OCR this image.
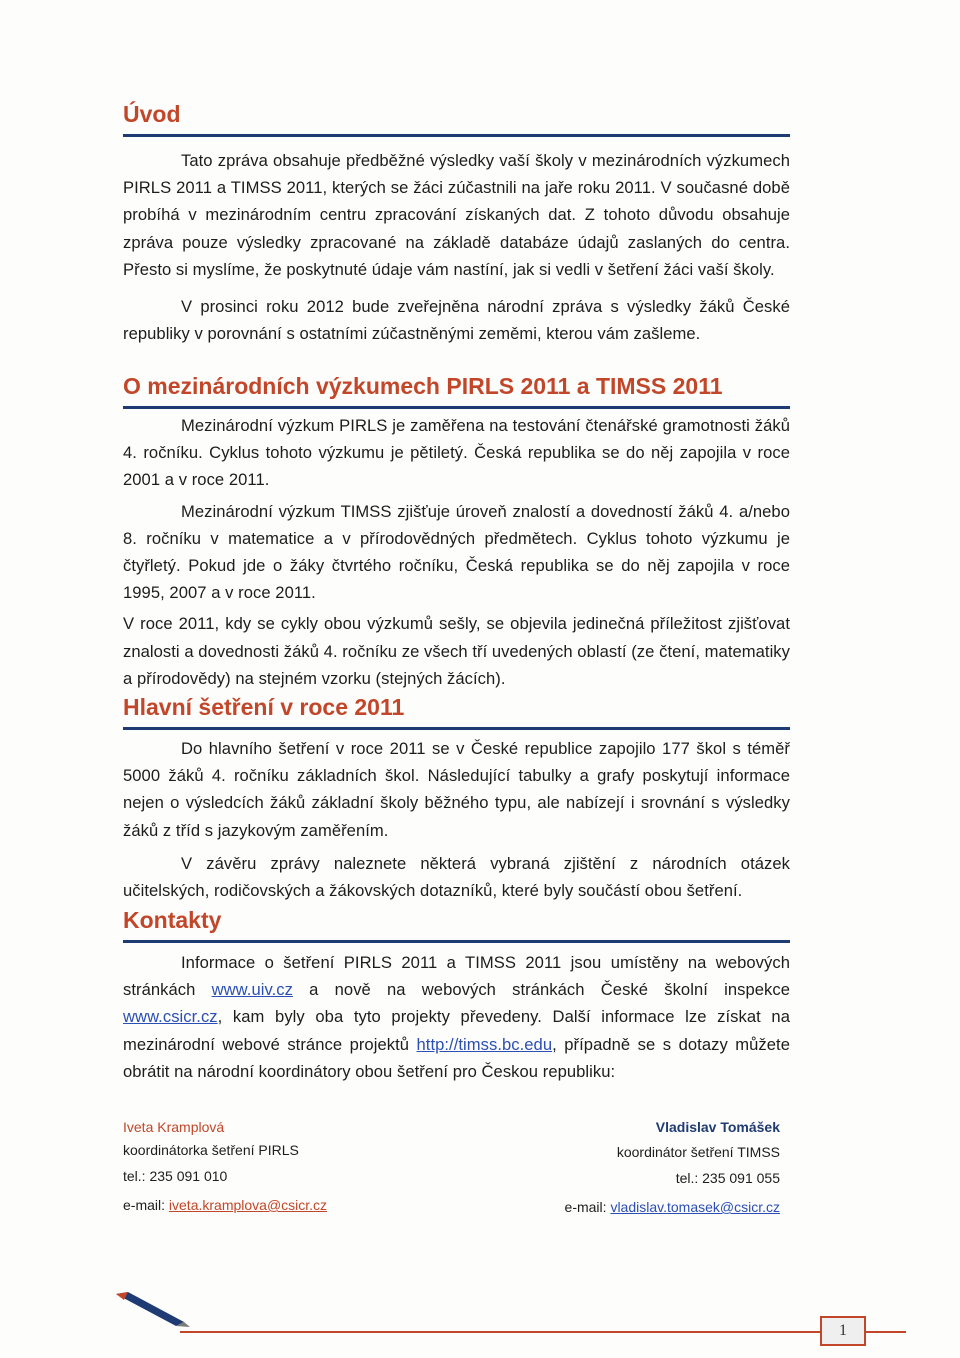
Úvod

Tato zpráva obsahuje předběžné výsledky vaší školy v mezinárodních výzkumech PIRLS 2011 a TIMSS 2011, kterých se žáci zúčastnili na jaře roku 2011. V současné době probíhá v mezinárodním centru zpracování získaných dat. Z tohoto důvodu obsahuje zpráva pouze výsledky zpracované na základě databáze údajů zaslaných do centra. Přesto si myslíme, že poskytnuté údaje vám nastíní, jak si vedli v šetření žáci vaší školy.

V prosinci roku 2012 bude zveřejněna národní zpráva s výsledky žáků České republiky v porovnání s ostatními zúčastněnými zeměmi, kterou vám zašleme.

O mezinárodních výzkumech PIRLS 2011 a TIMSS 2011

Mezinárodní výzkum PIRLS je zaměřena na testování čtenářské gramotnosti žáků 4. ročníku. Cyklus tohoto výzkumu je pětiletý. Česká republika se do něj zapojila v roce 2001 a v roce 2011.

Mezinárodní výzkum TIMSS zjišťuje úroveň znalostí a dovedností žáků 4. a/nebo 8. ročníku v matematice a v přírodovědných předmětech. Cyklus tohoto výzkumu je čtyřletý. Pokud jde o žáky čtvrtého ročníku, Česká republika se do něj zapojila v roce 1995, 2007 a v roce 2011.

V roce 2011, kdy se cykly obou výzkumů sešly, se objevila jedinečná příležitost zjišťovat znalosti a dovednosti žáků 4. ročníku ze všech tří uvedených oblastí (ze čtení, matematiky a přírodovědy) na stejném vzorku (stejných žácích).

Hlavní šetření v roce 2011

Do hlavního šetření v roce 2011 se v České republice zapojilo 177 škol s téměř 5000 žáků 4. ročníku základních škol. Následující tabulky a grafy poskytují informace nejen o výsledcích žáků základní školy běžného typu, ale nabízejí i srovnání s výsledky žáků z tříd s jazykovým zaměřením.

V závěru zprávy naleznete některá vybraná zjištění z národních otázek učitelských, rodičovských a žákovských dotazníků, které byly součástí obou šetření.

Kontakty

Informace o šetření PIRLS 2011 a TIMSS 2011 jsou umístěny na webových stránkách www.uiv.cz a nově na webových stránkách České školní inspekce www.csicr.cz, kam byly oba tyto projekty převedeny. Další informace lze získat na mezinárodní webové stránce projektů http://timss.bc.edu, případně se s dotazy můžete obrátit na národní koordinátory obou šetření pro Českou republiku:

Iveta Kramplová
koordinátorka šetření PIRLS
tel.: 235 091 010
e-mail: iveta.kramplova@csicr.cz
Vladislav Tomášek
koordinátor šetření TIMSS
tel.: 235 091 055
e-mail: vladislav.tomasek@csicr.cz
1
